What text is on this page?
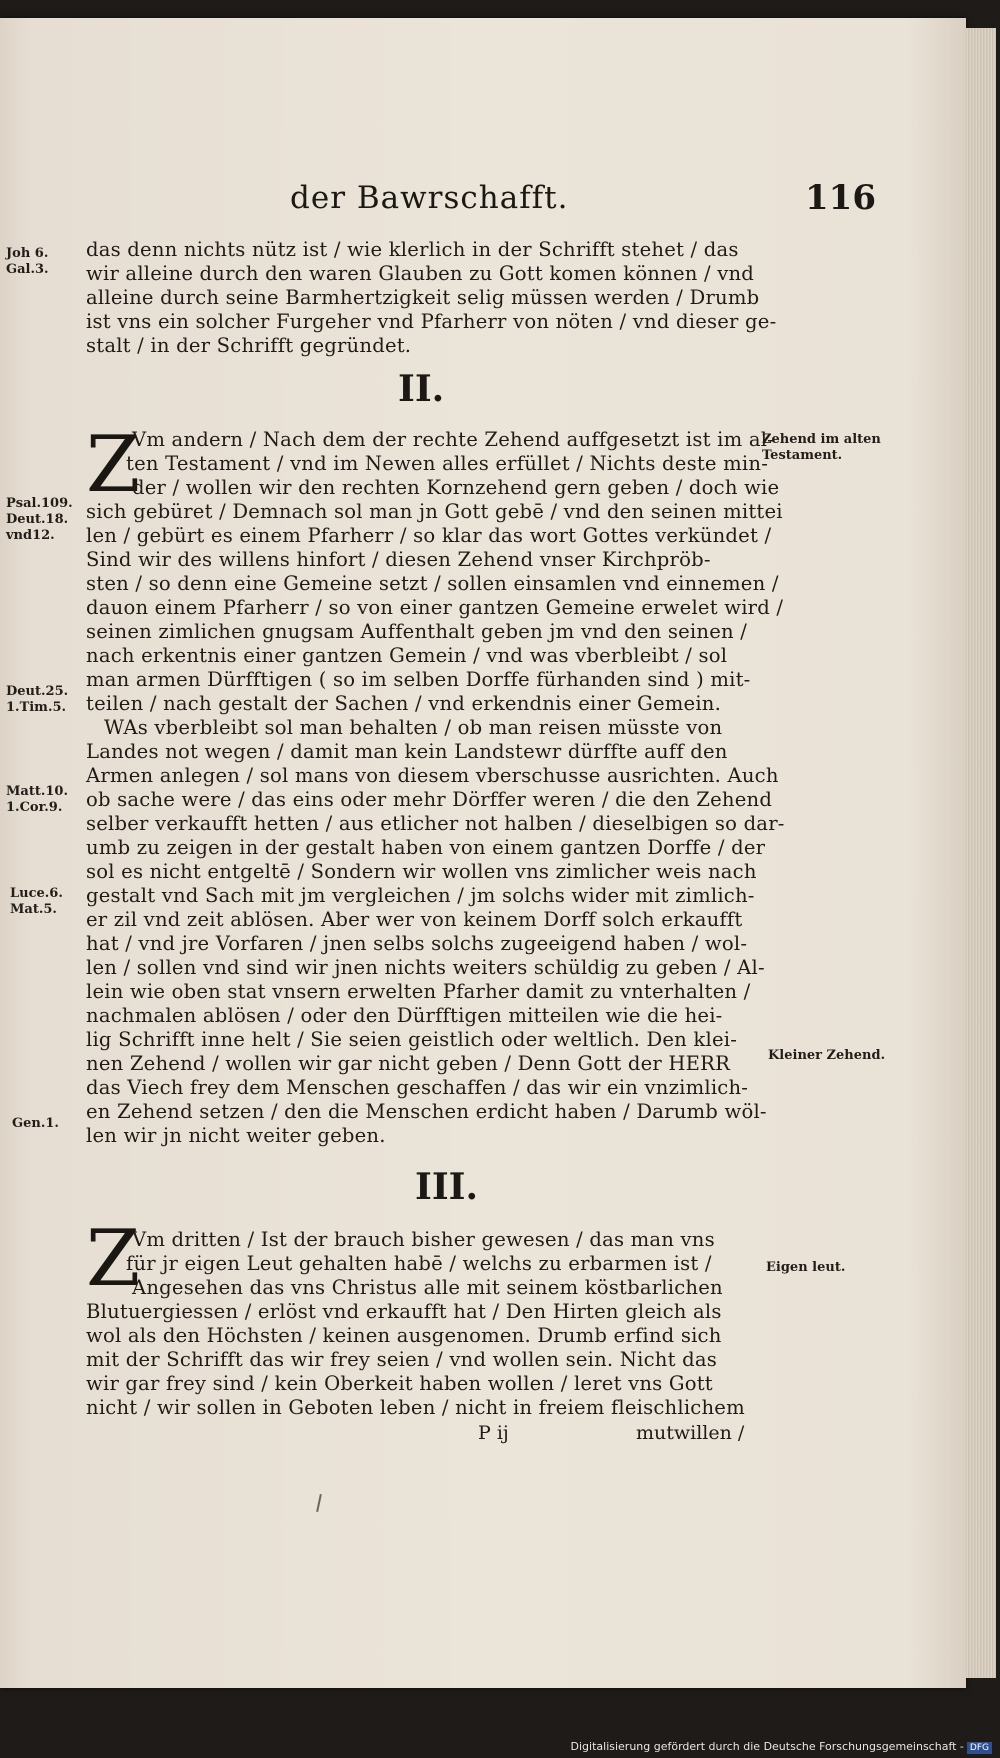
der Bawrschafft.	116
II.
III.
Z
Z
das denn nichts nütz ist / wie klerlich in der Schrifft stehet / das
wir alleine durch den waren Glauben zu Gott komen können / vnd
alleine durch seine Barmhertzigkeit selig müssen werden / Drumb
ist vns ein solcher Furgeher vnd Pfarherr von nöten / vnd dieser ge-
stalt / in der Schrifft gegründet.
Vm andern / Nach dem der rechte Zehend auffgesetzt ist im al-
ten Testament / vnd im Newen alles erfüllet / Nichts deste min-
der / wollen wir den rechten Kornzehend gern geben / doch wie
sich gebüret / Demnach sol man jn Gott gebē / vnd den seinen mittei
len / gebürt es einem Pfarherr / so klar das wort Gottes verkündet /
Sind wir des willens hinfort / diesen Zehend vnser Kirchpröb-
sten / so denn eine Gemeine setzt / sollen einsamlen vnd einnemen /
dauon einem Pfarherr / so von einer gantzen Gemeine erwelet wird /
seinen zimlichen gnugsam Auffenthalt geben jm vnd den seinen /
nach erkentnis einer gantzen Gemein / vnd was vberbleibt / sol
man armen Dürfftigen ( so im selben Dorffe fürhanden sind ) mit-
teilen / nach gestalt der Sachen / vnd erkendnis einer Gemein.
WAs vberbleibt sol man behalten / ob man reisen müsste von
Landes not wegen / damit man kein Landstewr dürffte auff den
Armen anlegen / sol mans von diesem vberschusse ausrichten. Auch
ob sache were / das eins oder mehr Dörffer weren / die den Zehend
selber verkaufft hetten / aus etlicher not halben / dieselbigen so dar-
umb zu zeigen in der gestalt haben von einem gantzen Dorffe / der
sol es nicht entgeltē / Sondern wir wollen vns zimlicher weis nach
gestalt vnd Sach mit jm vergleichen / jm solchs wider mit zimlich-
er zil vnd zeit ablösen. Aber wer von keinem Dorff solch erkaufft
hat / vnd jre Vorfaren / jnen selbs solchs zugeeigend haben / wol-
len / sollen vnd sind wir jnen nichts weiters schüldig zu geben / Al-
lein wie oben stat vnsern erwelten Pfarher damit zu vnterhalten /
nachmalen ablösen / oder den Dürfftigen mitteilen wie die hei-
lig Schrifft inne helt / Sie seien geistlich oder weltlich. Den klei-
nen Zehend / wollen wir gar nicht geben / Denn Gott der HERR
das Viech frey dem Menschen geschaffen / das wir ein vnzimlich-
en Zehend setzen / den die Menschen erdicht haben / Darumb wöl-
len wir jn nicht weiter geben.
Vm dritten / Ist der brauch bisher gewesen / das man vns
für jr eigen Leut gehalten habē / welchs zu erbarmen ist /
Angesehen das vns Christus alle mit seinem köstbarlichen
Blutuergiessen / erlöst vnd erkaufft hat / Den Hirten gleich als
wol als den Höchsten / keinen ausgenomen. Drumb erfind sich
mit der Schrifft das wir frey seien / vnd wollen sein. Nicht das
wir gar frey sind / kein Oberkeit haben wollen / leret vns Gott
nicht / wir sollen in Geboten leben / nicht in freiem fleischlichem
P ij	mutwillen /
Joh 6.
Gal.3.
Psal.109.
Deut.18.
vnd12.
Deut.25.
1.Tim.5.
Matt.10.
1.Cor.9.
Luce.6.
Mat.5.
Gen.1.
Zehend im alten
Testament.
Kleiner Zehend.
Eigen leut.
Digitalisierung gefördert durch die Deutsche Forschungsgemeinschaft - DFG
